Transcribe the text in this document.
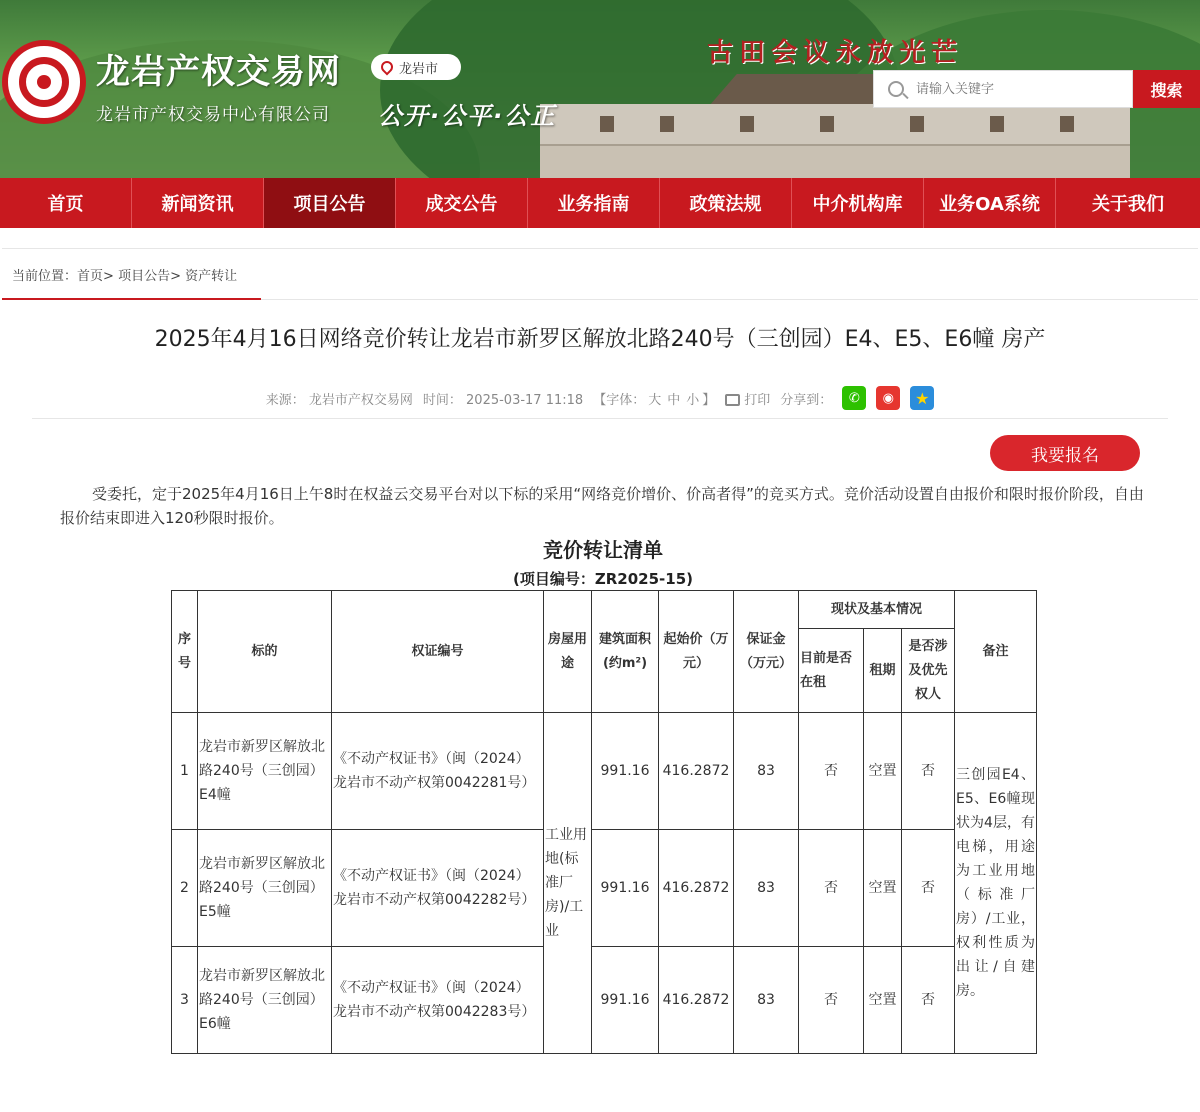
古田会议永放光芒
龙岩产权交易网
龙岩市产权交易中心有限公司
龙岩市
公开·公平·公正
请输入关键字
搜索
首页	新闻资讯	项目公告	成交公告	业务指南	政策法规	中介机构库	业务OA系统	关于我们
当前位置：首页> 项目公告> 资产转让
2025年4月16日网络竞价转让龙岩市新罗区解放北路240号（三创园）E4、E5、E6幢 房产
来源： 龙岩市产权交易网 时间： 2025-03-17 11:18 【字体： 大 中 小 】	打印 分享到：	✆	◉	★
我要报名

受委托，定于2025年4月16日上午8时在权益云交易平台对以下标的采用“网络竞价增价、价高者得”的竞买方式。竞价活动设置自由报价和限时报价阶段，自由报价结束即进入120秒限时报价。

竞价转让清单
(项目编号：ZR2025-15)
序号	标的	权证编号	房屋用途	建筑面积(约m²)	起始价（万元）	保证金（万元）	现状及基本情况			备注
							目前是否在租	租期	是否涉及优先权人	
1	龙岩市新罗区解放北路240号（三创园）E4幢	《不动产权证书》（闽（2024）龙岩市不动产权第0042281号）	工业用地(标准厂房)/工业	991.16	416.2872	83	否	空置	否	三创园E4、E5、E6幢现状为4层，有电梯，用途为工业用地（标准厂房）/工业，权利性质为出让/自建房。
2	龙岩市新罗区解放北路240号（三创园）E5幢	《不动产权证书》（闽（2024）龙岩市不动产权第0042282号）		991.16	416.2872	83	否	空置	否	
3	龙岩市新罗区解放北路240号（三创园）E6幢	《不动产权证书》（闽（2024）龙岩市不动产权第0042283号）		991.16	416.2872	83	否	空置	否	
